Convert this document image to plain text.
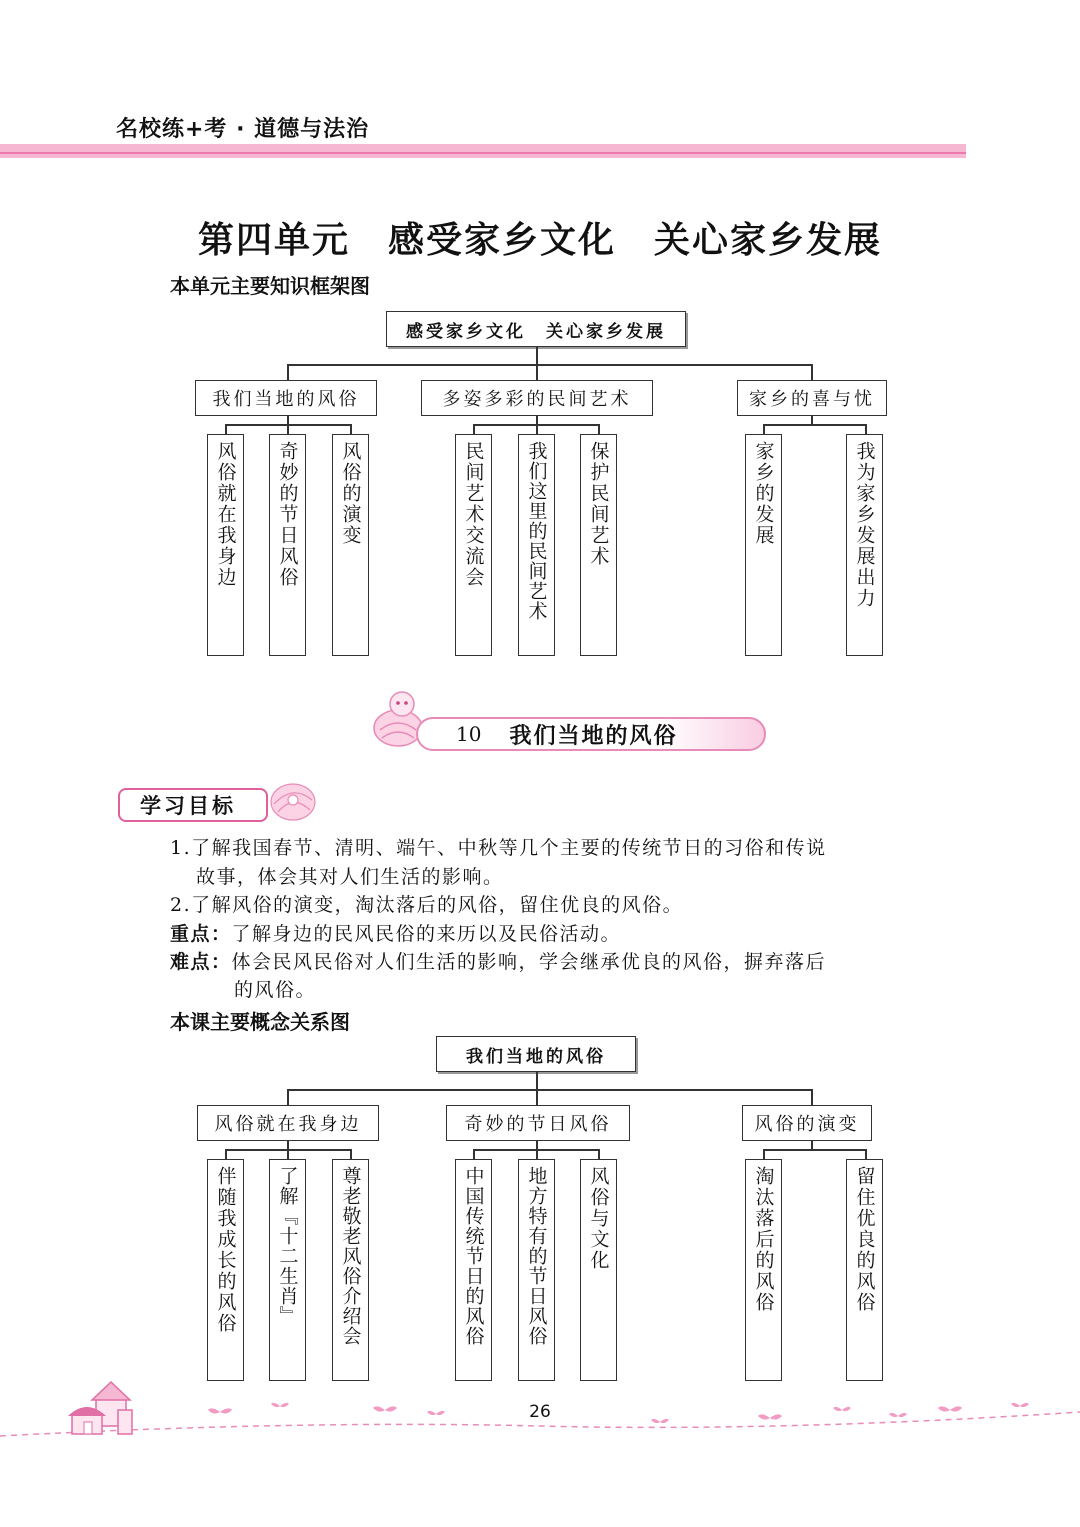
名校练+考 · 道德与法治
第四单元　感受家乡文化　关心家乡发展
本单元主要知识框架图
感受家乡文化　关心家乡发展
我们当地的风俗	多姿多彩的民间艺术	家乡的喜与忧
风俗就在我身边 奇妙的节日风俗 风俗的演变	民间艺术交流会 我们这里的民间艺术 保护民间艺术	家乡的发展	我为家乡发展出力
10 我们当地的风俗
学习目标
1.了解我国春节、清明、端午、中秋等几个主要的传统节日的习俗和传说
故事，体会其对人们生活的影响。
2.了解风俗的演变，淘汰落后的风俗，留住优良的风俗。
重点：了解身边的民风民俗的来历以及民俗活动。
难点：体会民风民俗对人们生活的影响，学会继承优良的风俗，摒弃落后
的风俗。
本课主要概念关系图
我们当地的风俗
风俗就在我身边	奇妙的节日风俗	风俗的演变
伴随我成长的风俗 了解﹃十二生肖﹄ 尊老敬老风俗介绍会	中国传统节日的风俗 地方特有的节日风俗 风俗与文化	淘汰落后的风俗	留住优良的风俗
26
